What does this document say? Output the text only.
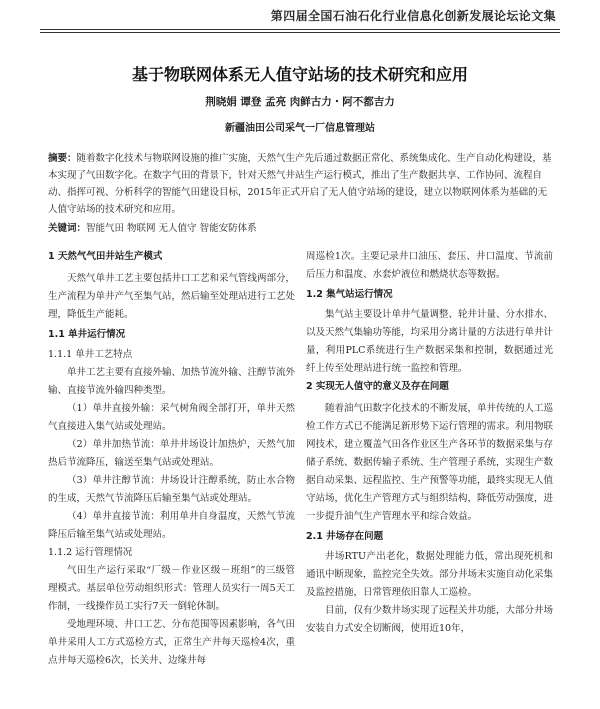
第四届全国石油石化行业信息化创新发展论坛论文集
基于物联网体系无人值守站场的技术研究和应用
荆晓娟 谭登 孟亮 肉鲜古力・阿不都吉力
新疆油田公司采气一厂信息管理站
摘要：随着数字化技术与物联网设施的推广实施，天然气生产先后通过数据正常化、系统集成化、生产自动化构建设，基本实现了气田数字化。在数字气田的背景下，针对天然气井站生产运行模式，推出了生产数据共享、工作协同、流程自动、指挥可视、分析科学的智能气田建设目标，2015年正式开启了无人值守站场的建设，建立以物联网体系为基础的无人值守站场的技术研究和应用。
关键词：智能气田 物联网 无人值守 智能安防体系
1 天然气气田井站生产模式

天然气单井工艺主要包括井口工艺和采气管线两部分，生产流程为单井产气至集气站，然后输至处理站进行工艺处理，降低生产能耗。

1.1 单井运行情况
1.1.1 单井工艺特点

单井工艺主要有直接外输、加热节流外输、注醇节流外输、直接节流外输四种类型。

（1）单井直接外输：采气树角阀全部打开，单井天然气直接进入集气站或处理站。

（2）单井加热节流：单井井场设计加热炉，天然气加热后节流降压，输送至集气站或处理站。

（3）单井注醇节流：井场设计注醇系统，防止水合物的生成，天然气节流降压后输至集气站或处理站。

（4）单井直接节流：利用单井自身温度，天然气节流降压后输至集气站或处理站。

1.1.2 运行管理情况

气田生产运行采取“厂级－作业区级－班组”的三级管理模式。基层单位劳动组织形式：管理人员实行一周5天工作制，一线操作员工实行7天一倒轮休制。

受地理环境、井口工艺、分布范围等因素影响，各气田单井采用人工方式巡检方式，正常生产井每天巡检4次，重点井每天巡检6次，长关井、边缘井每

周巡检1次。主要记录井口油压、套压、井口温度、节流前后压力和温度、水套炉液位和燃烧状态等数据。

1.2 集气站运行情况

集气站主要设计单井气量调整、轮井计量、分水排水、以及天然气集输功等能，均采用分离计量的方法进行单井计量，利用PLC系统进行生产数据采集和控制，数据通过光纤上传至处理站进行统一监控和管理。

2 实现无人值守的意义及存在问题

随着油气田数字化技术的不断发展，单井传统的人工巡检工作方式已不能满足新形势下运行管理的需求。利用物联网技术，建立覆盖气田各作业区生产各环节的数据采集与存储子系统、数据传输子系统、生产管理子系统，实现生产数据自动采集、远程监控、生产预警等功能，最终实现无人值守站场，优化生产管理方式与组织结构，降低劳动强度，进一步提升油气生产管理水平和综合效益。

2.1 井场存在问题

井场RTU产出老化，数据处理能力低，常出现死机和通讯中断现象，监控完全失效。部分井场未实施自动化采集及监控措施，日常管理依旧靠人工巡检。

目前，仅有少数井场实现了远程关井功能，大部分井场安装自力式安全切断阀，使用近10年，
